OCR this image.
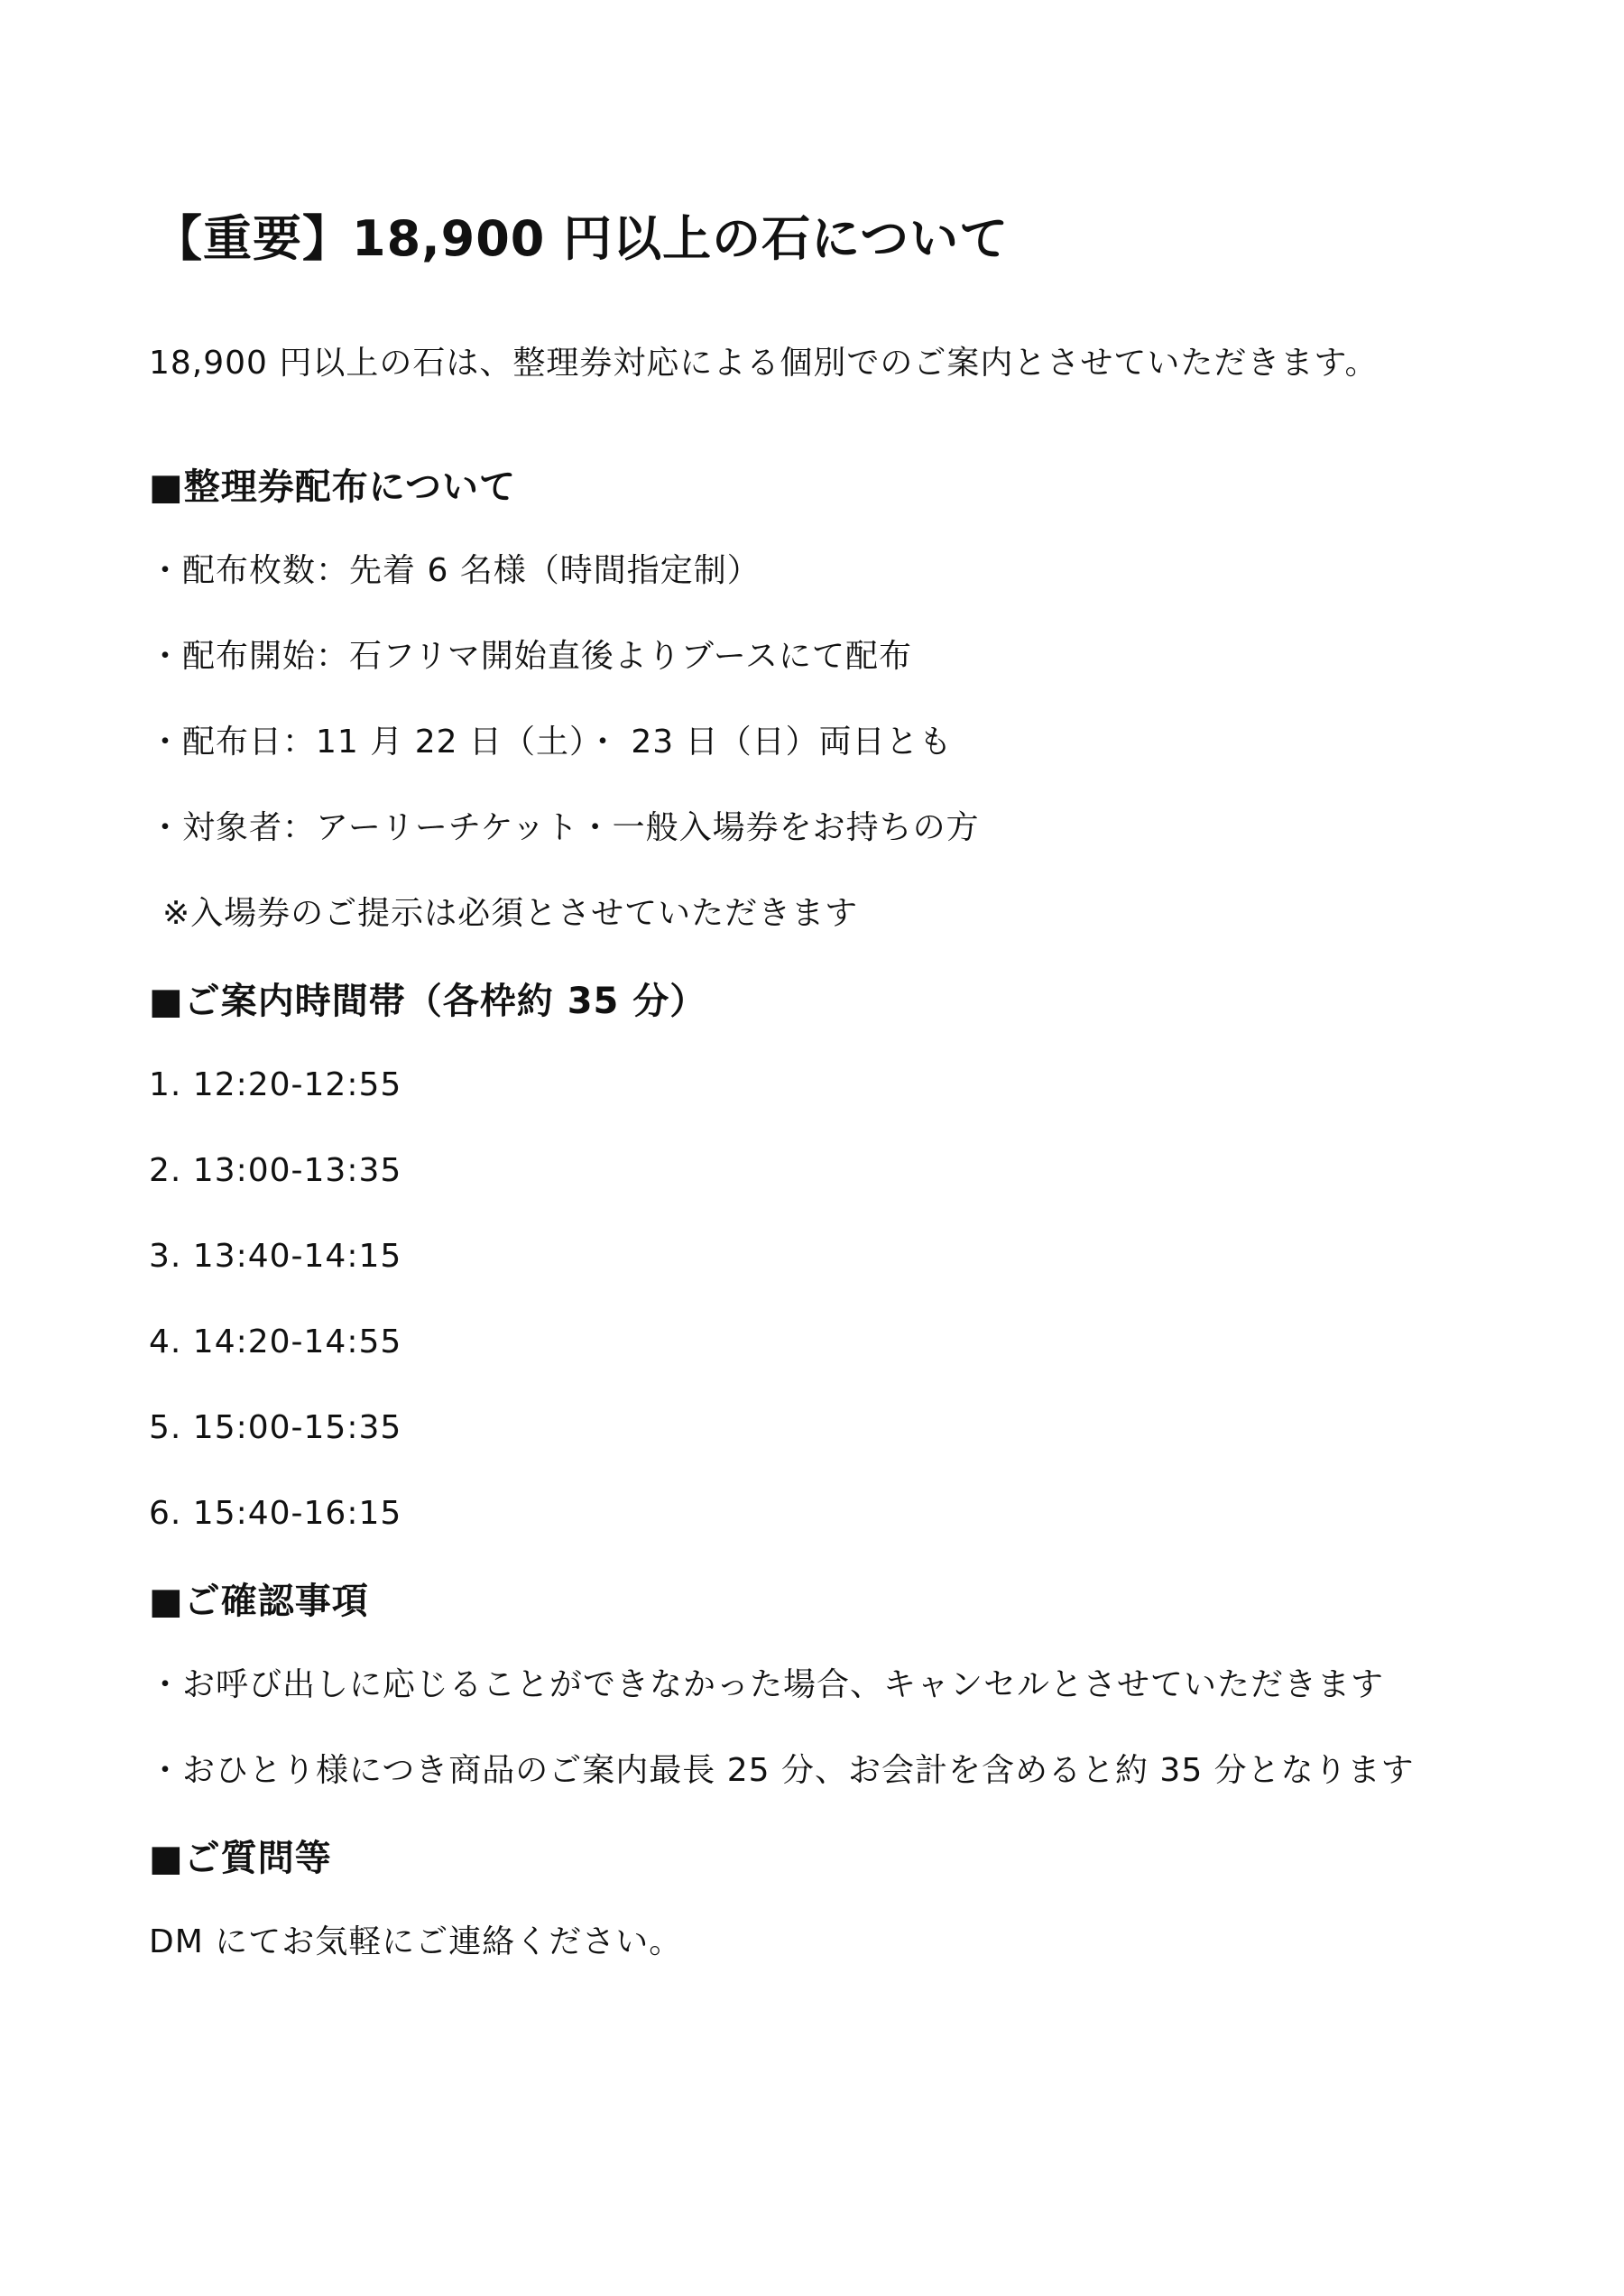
【重要】18,900 円以上の石について
18,900 円以上の石は、整理券対応による個別でのご案内とさせていただきます。
■整理券配布について
・配布枚数：先着 6 名様（時間指定制）
・配布開始：石フリマ開始直後よりブースにて配布
・配布日：11 月 22 日（土）・ 23 日（日）両日とも
・対象者：アーリーチケット・一般入場券をお持ちの方
※入場券のご提示は必須とさせていただきます
■ご案内時間帯（各枠約 35 分）
1. 12:20-12:55
2. 13:00-13:35
3. 13:40-14:15
4. 14:20-14:55
5. 15:00-15:35
6. 15:40-16:15
■ご確認事項
・お呼び出しに応じることができなかった場合、キャンセルとさせていただきます
・おひとり様につき商品のご案内最長 25 分、お会計を含めると約 35 分となります
■ご質問等
DM にてお気軽にご連絡ください。
